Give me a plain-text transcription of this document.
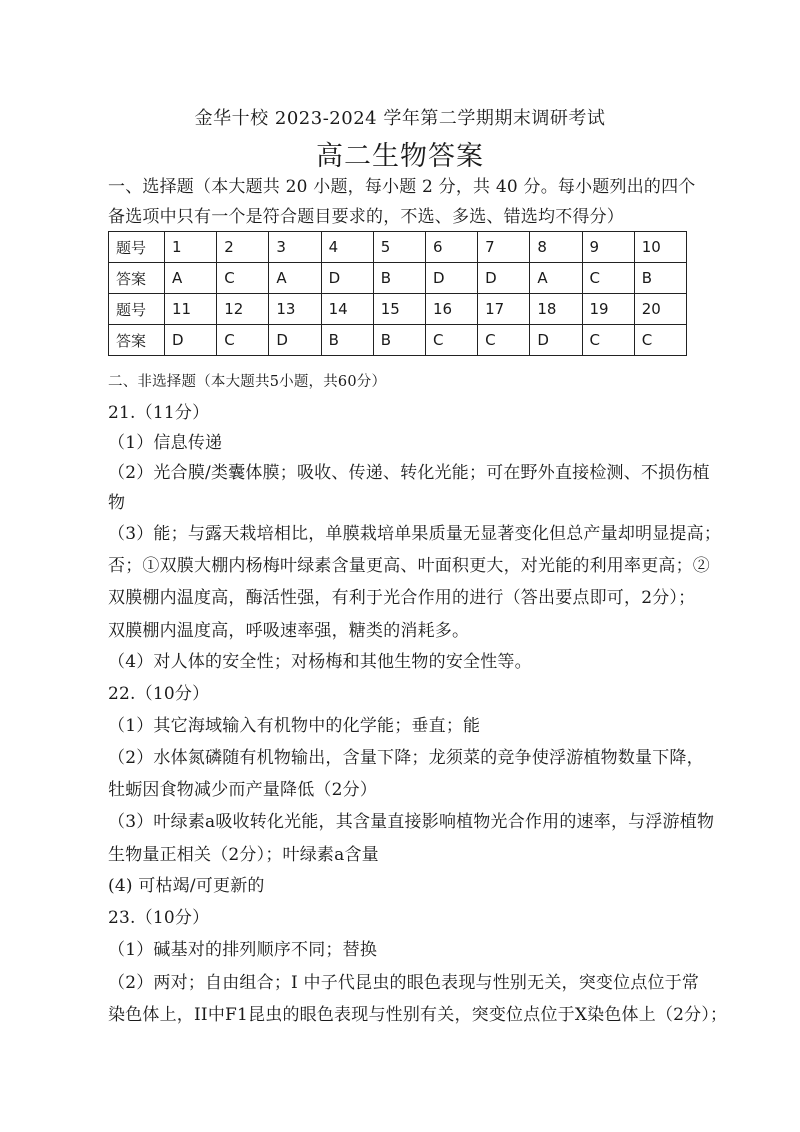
金华十校 2023-2024 学年第二学期期末调研考试
高二生物答案
一、选择题（本大题共 20 小题，每小题 2 分，共 40 分。每小题列出的四个
备选项中只有一个是符合题目要求的，不选、多选、错选均不得分）
题号	1	2	3	4	5	6	7	8	9	10
答案	A	C	A	D	B	D	D	A	C	B
题号	11	12	13	14	15	16	17	18	19	20
答案	D	C	D	B	B	C	C	D	C	C
二、非选择题（本大题共5小题，共60分）
21.（11分）
（1）信息传递
（2）光合膜/类囊体膜；吸收、传递、转化光能；可在野外直接检测、不损伤植
物
（3）能；与露天栽培相比，单膜栽培单果质量无显著变化但总产量却明显提高；
否；①双膜大棚内杨梅叶绿素含量更高、叶面积更大，对光能的利用率更高；②
双膜棚内温度高，酶活性强，有利于光合作用的进行（答出要点即可，2分）；
双膜棚内温度高，呼吸速率强，糖类的消耗多。
（4）对人体的安全性；对杨梅和其他生物的安全性等。
22.（10分）
（1）其它海域输入有机物中的化学能；垂直；能
（2）水体氮磷随有机物输出，含量下降；龙须菜的竞争使浮游植物数量下降，
牡蛎因食物减少而产量降低（2分）
（3）叶绿素a吸收转化光能，其含量直接影响植物光合作用的速率，与浮游植物
生物量正相关（2分）；叶绿素a含量
(4) 可枯竭/可更新的
23.（10分）
（1）碱基对的排列顺序不同；替换
（2）两对；自由组合；I 中子代昆虫的眼色表现与性别无关，突变位点位于常
染色体上，II中F1昆虫的眼色表现与性别有关，突变位点位于X染色体上（2分）；
